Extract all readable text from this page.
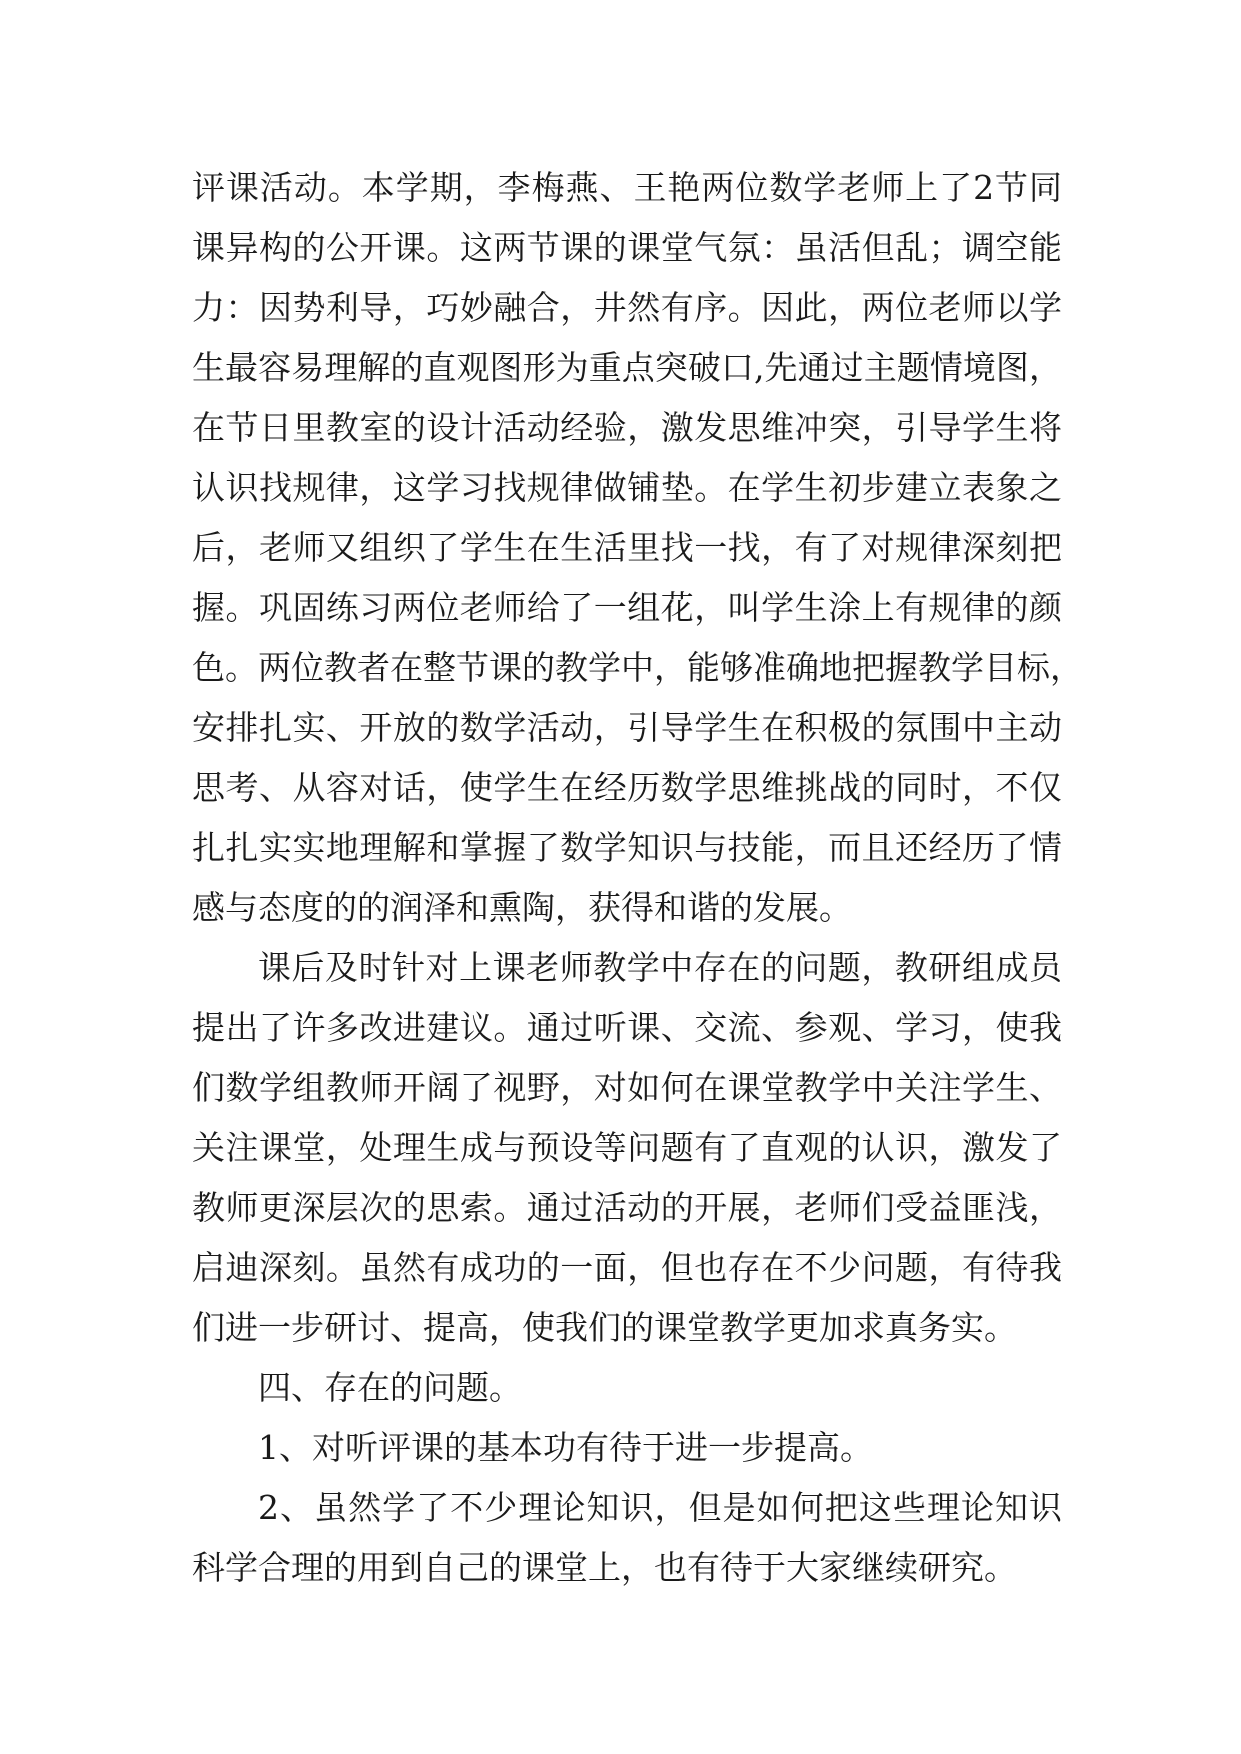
评课活动。本学期，李梅燕、王艳两位数学老师上了2节同
课异构的公开课。这两节课的课堂气氛：虽活但乱；调空能
力：因势利导，巧妙融合，井然有序。因此，两位老师以学
生最容易理解的直观图形为重点突破口,先通过主题情境图，
在节日里教室的设计活动经验，激发思维冲突，引导学生将
认识找规律，这学习找规律做铺垫。在学生初步建立表象之
后，老师又组织了学生在生活里找一找，有了对规律深刻把
握。巩固练习两位老师给了一组花，叫学生涂上有规律的颜
色。两位教者在整节课的教学中，能够准确地把握教学目标，
安排扎实、开放的数学活动，引导学生在积极的氛围中主动
思考、从容对话，使学生在经历数学思维挑战的同时，不仅
扎扎实实地理解和掌握了数学知识与技能，而且还经历了情
感与态度的的润泽和熏陶，获得和谐的发展。
课后及时针对上课老师教学中存在的问题，教研组成员
提出了许多改进建议。通过听课、交流、参观、学习，使我
们数学组教师开阔了视野，对如何在课堂教学中关注学生、
关注课堂，处理生成与预设等问题有了直观的认识，激发了
教师更深层次的思索。通过活动的开展，老师们受益匪浅，
启迪深刻。虽然有成功的一面，但也存在不少问题，有待我
们进一步研讨、提高，使我们的课堂教学更加求真务实。
四、存在的问题。
1、对听评课的基本功有待于进一步提高。
2、虽然学了不少理论知识，但是如何把这些理论知识
科学合理的用到自己的课堂上，也有待于大家继续研究。
